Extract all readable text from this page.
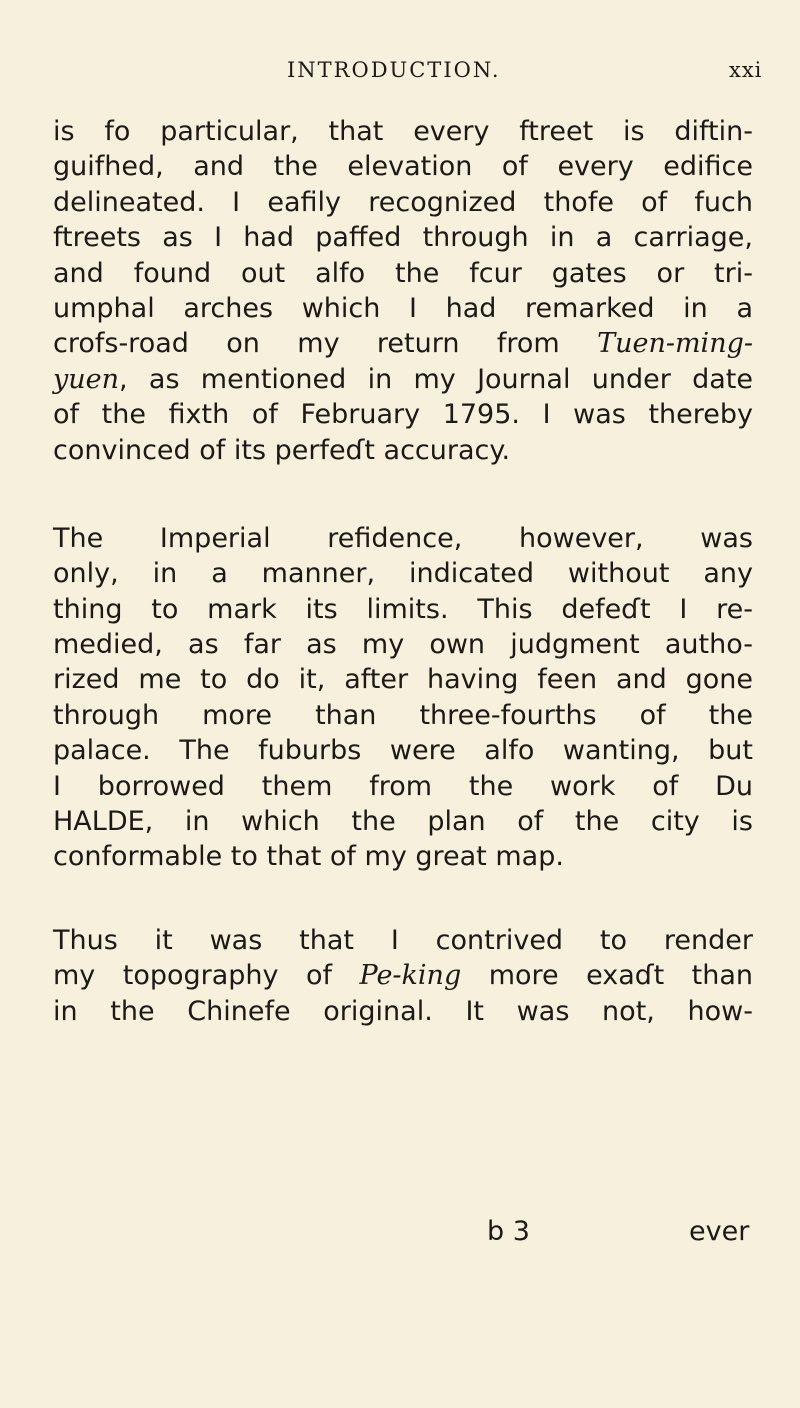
INTRODUCTION.	xxi
is fo particular, that every ftreet is diftin-
guifhed, and the elevation of every edifice
delineated. I eafily recognized thofe of fuch
ftreets as I had paffed through in a carriage,
and found out alfo the fcur gates or tri-
umphal arches which I had remarked in a
crofs-road on my return from Tuen-ming-
yuen, as mentioned in my Journal under date
of the fixth of February 1795. I was thereby
convinced of its perfeɗt accuracy.
The Imperial refidence, however, was
only, in a manner, indicated without any
thing to mark its limits. This defeɗt I re-
medied, as far as my own judgment autho-
rized me to do it, after having feen and gone
through more than three-fourths of the
palace. The fuburbs were alfo wanting, but
I borrowed them from the work of Du
HALDE, in which the plan of the city is
conformable to that of my great map.
Thus it was that I contrived to render
my topography of Pe-king more exaɗt than
in the Chinefe original. It was not, how-
b 3	ever
